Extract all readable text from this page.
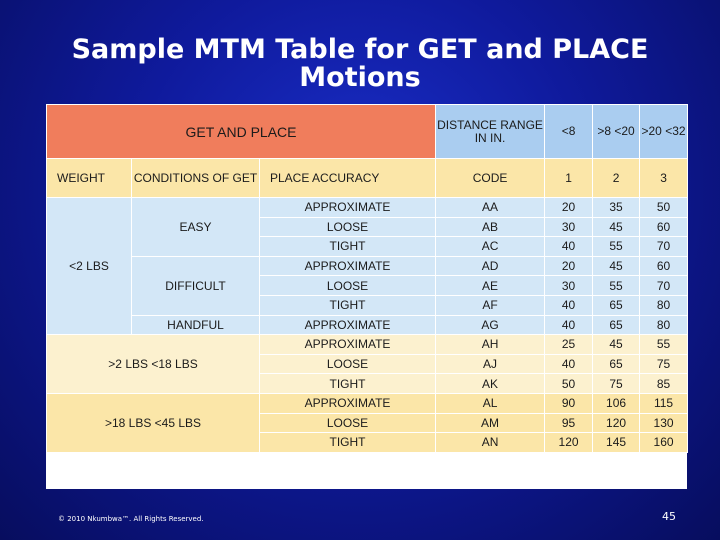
Sample MTM Table for GET and PLACE
Motions
GET AND PLACE			DISTANCE RANGE IN IN.	<8	>8 <20	>20 <32
WEIGHT	CONDITIONS OF GET	PLACE ACCURACY	CODE	1	2	3
<2 LBS	EASY	APPROXIMATE	AA	20	35	50
		LOOSE	AB	30	45	60
		TIGHT	AC	40	55	70
	DIFFICULT	APPROXIMATE	AD	20	45	60
		LOOSE	AE	30	55	70
		TIGHT	AF	40	65	80
	HANDFUL	APPROXIMATE	AG	40	65	80
>2 LBS <18 LBS		APPROXIMATE	AH	25	45	55
		LOOSE	AJ	40	65	75
		TIGHT	AK	50	75	85
>18 LBS <45 LBS		APPROXIMATE	AL	90	106	115
		LOOSE	AM	95	120	130
		TIGHT	AN	120	145	160
© 2010 Nkumbwa™. All Rights Reserved.	45
